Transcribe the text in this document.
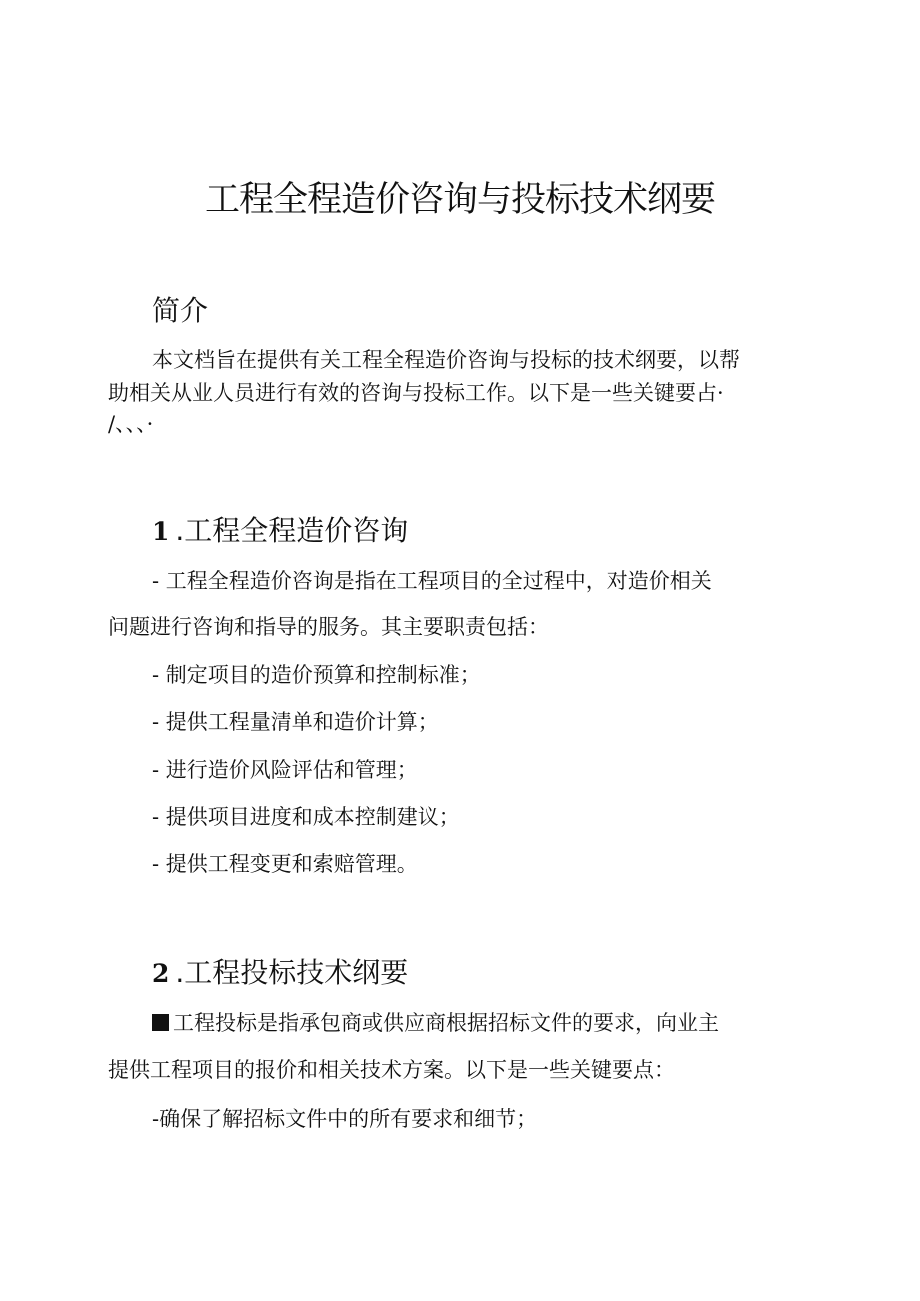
工程全程造价咨询与投标技术纲要
简介
本文档旨在提供有关工程全程造价咨询与投标的技术纲要，以帮
助相关从业人员进行有效的咨询与投标工作。以下是一些关键要占·
/、、、·
1 .工程全程造价咨询
- 工程全程造价咨询是指在工程项目的全过程中，对造价相关
问题进行咨询和指导的服务。其主要职责包括：
- 制定项目的造价预算和控制标准；
- 提供工程量清单和造价计算；
- 进行造价风险评估和管理；
- 提供项目进度和成本控制建议；
- 提供工程变更和索赔管理。
2 .工程投标技术纲要
工程投标是指承包商或供应商根据招标文件的要求，向业主
提供工程项目的报价和相关技术方案。以下是一些关键要点：
-确保了解招标文件中的所有要求和细节；
